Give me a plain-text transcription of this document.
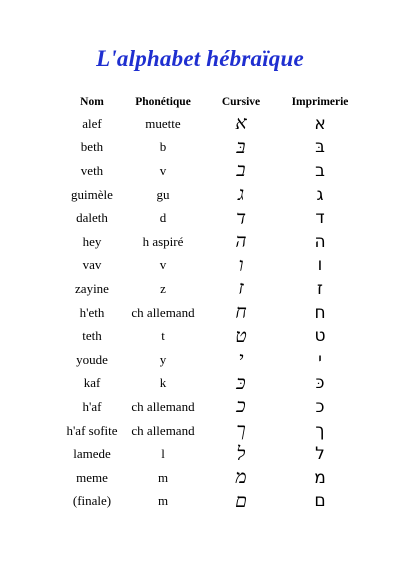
L'alphabet hébraïque
Nom	Phonétique	Cursive	Imprimerie
alef	muette	א	א
beth	b	בּ	בּ
veth	v	ב	ב
guimèle	gu	ג	ג
daleth	d	ד	ד
hey	h aspiré	ה	ה
vav	v	ו	ו
zayine	z	ז	ז
h'eth	ch allemand	ח	ח
teth	t	ט	ט
youde	y	י	י
kaf	k	כּ	כּ
h'af	ch allemand	כ	כ
h'af sofite	ch allemand	ך	ך
lamede	l	ל	ל
meme	m	מ	מ
(finale)	m	ם	ם
